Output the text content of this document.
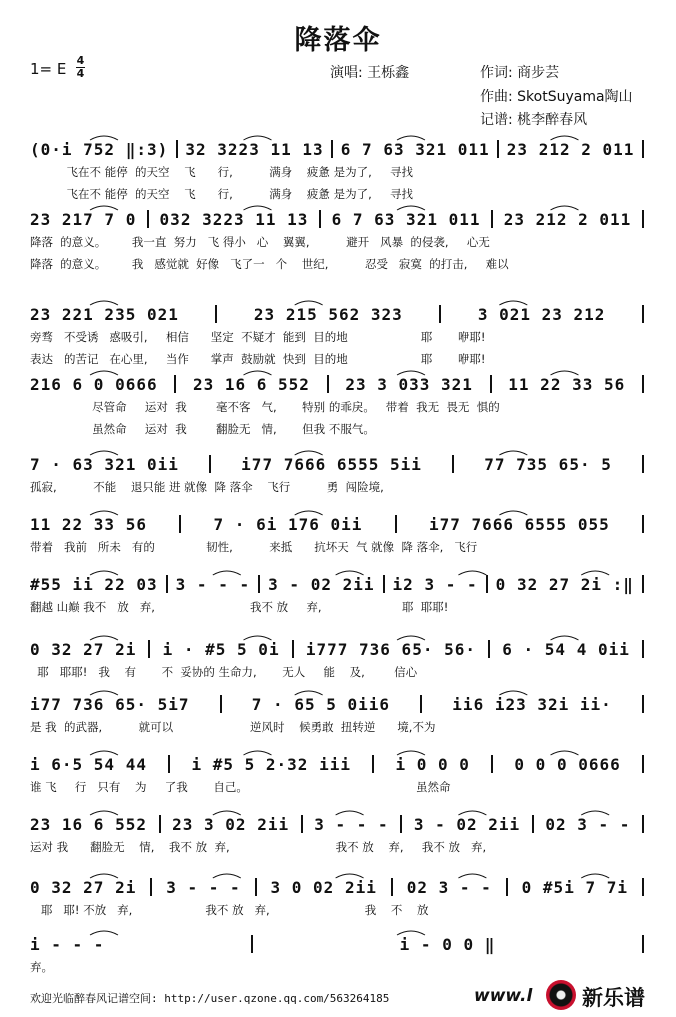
降落伞
1= E 4
4	演唱: 王栎鑫	作词: 商步芸
作曲: SkotSuyama陶山
记谱: 桃李醉春风
(0·i 752 ‖:3) 32 3223 11 13 6 7 63 321 011 23 212 2 011
飞在不 能停  的天空    飞      行,          满身    疲惫 是为了,     寻找
飞在不 能停  的天空    飞      行,          满身    疲惫 是为了,     寻找
23 217 7 0 032 3223 11 13 6 7 63 321 011 23 212 2 011
降落  的意义。       我一直  努力   飞 得小   心    翼翼,          避开   风暴  的侵袭,     心无
降落  的意义。       我   感觉就  好像   飞了一   个    世纪,          忍受   寂寞  的打击,     难以
23 221 235 021	23 215 562 323	3 021 23 212
旁骛   不受诱   惑吸引,     相信      坚定  不疑才  能到  目的地                    耶       咿耶!
表达   的苦记   在心里,     当作      掌声  鼓励就  快到  目的地                    耶       咿耶!
216 6 0 0666 23 16 6 552 23 3 033 321 11 22 33 56
尽管命     运对  我        毫不客   气,       特别 的乖戾。   带着  我无  畏无  惧的
虽然命     运对  我        翻脸无   情,       但我 不服气。
7 · 63 321 0ii	i77 7666 6555 5ii	77 735 65· 5
孤寂,          不能    退只能 进 就像  降 落伞    飞行          勇  闯险境,
11 22 33 56	7 · 6i 176 0ii	i77 7666 6555 055
带着   我前   所未   有的              韧性,          来抵      抗坏天  气 就像  降 落伞,   飞行
#55 ii 22 03 3 - - - 3 - 02 2ii i2 3 - - 0 32 27 2i :‖
翻越 山巅 我不   放   弃,                          我不 放     弃,                      耶  耶耶!
0 32 27 2i i · #5 5 0i i777 736 65· 56· 6 · 54 4 0ii
耶   耶耶!   我    有       不  妥协的 生命力,       无人     能    及,        信心
i77 736 65· 5i7	7 · 65 5 0ii6	ii6 i23 32i ii·
是 我  的武器,          就可以                     逆风时    候勇敢  扭转逆      境,不为
i 6·5 54 44	i #5 5 2·32 iii	i 0 0 0	0 0 0 0666
谁 飞     行   只有    为     了我       自己。                                              虽然命
23 16 6 552 23 3 02 2ii 3 - - - 3 - 02 2ii 02 3 - -
运对 我      翻脸无    情,    我不 放  弃,                             我不 放    弃,     我不 放   弃,
0 32 27 2i 3 - - - 3 0 02 2ii 02 3 - - 0 #5i 7 7i
耶   耶! 不放   弃,                    我不 放   弃,                          我    不    放
i - - -	i - 0 0 ‖
弃。
欢迎光临醉春风记谱空间: http://user.qzone.qq.com/563264185	www.l 新乐谱
